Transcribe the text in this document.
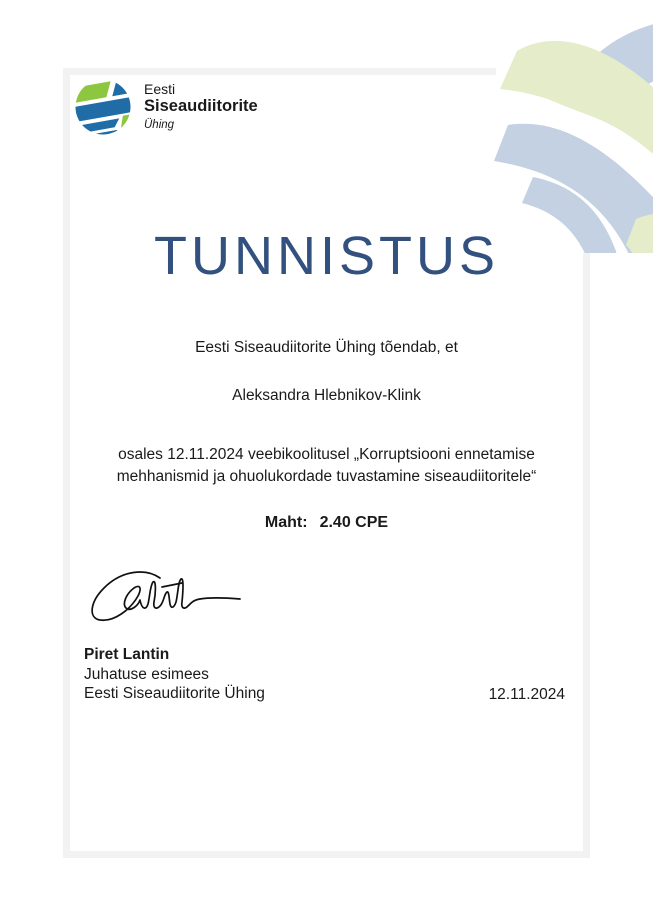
Eesti
Siseaudiitorite
Ühing
TUNNISTUS
Eesti Siseaudiitorite Ühing tõendab, et
Aleksandra Hlebnikov-Klink
osales 12.11.2024 veebikoolitusel „Korruptsiooni ennetamise mehhanismid ja ohuolukordade tuvastamine siseaudiitoritele“
Maht: 2.40 CPE
Piret Lantin
Juhatuse esimees
Eesti Siseaudiitorite Ühing	12.11.2024
